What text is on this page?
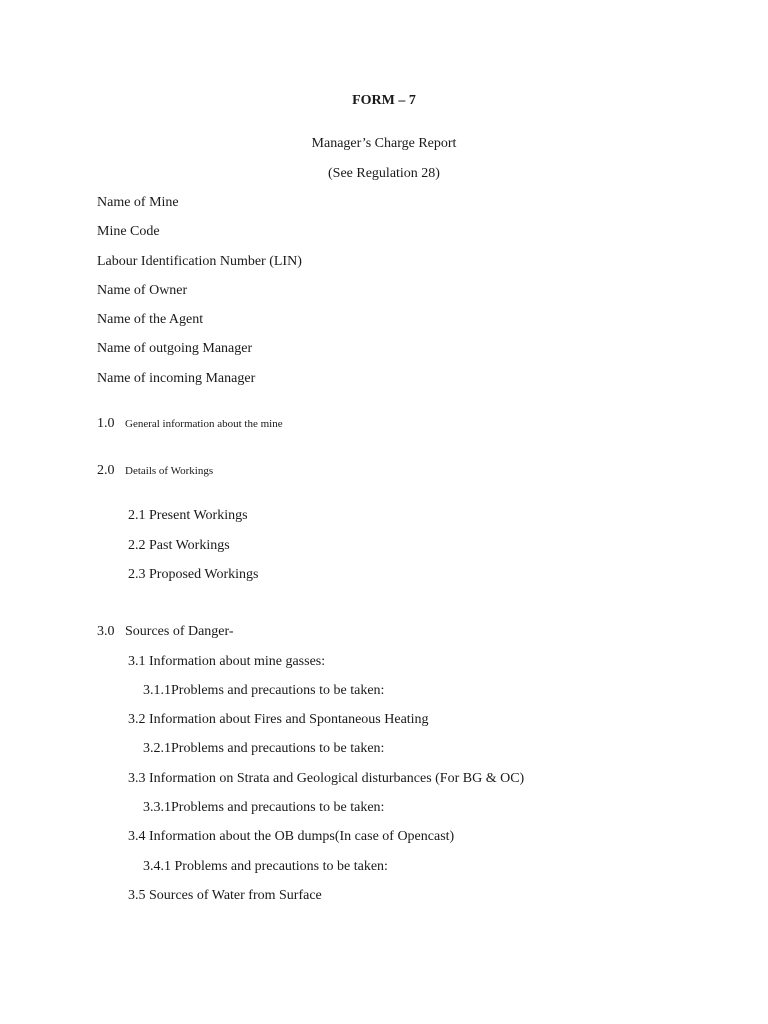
FORM – 7
Manager’s Charge Report
(See Regulation 28)
Name of Mine
Mine Code
Labour Identification Number (LIN)
Name of Owner
Name of the Agent
Name of outgoing Manager
Name of incoming Manager
1.0 General information about the mine
2.0 Details of Workings
2.1 Present Workings
2.2 Past Workings
2.3 Proposed Workings
3.0 Sources of Danger-
3.1 Information about mine gasses:
3.1.1Problems and precautions to be taken:
3.2 Information about Fires and Spontaneous Heating
3.2.1Problems and precautions to be taken:
3.3 Information on Strata and Geological disturbances (For BG & OC)
3.3.1Problems and precautions to be taken:
3.4 Information about the OB dumps(In case of Opencast)
3.4.1 Problems and precautions to be taken:
3.5 Sources of Water from Surface
